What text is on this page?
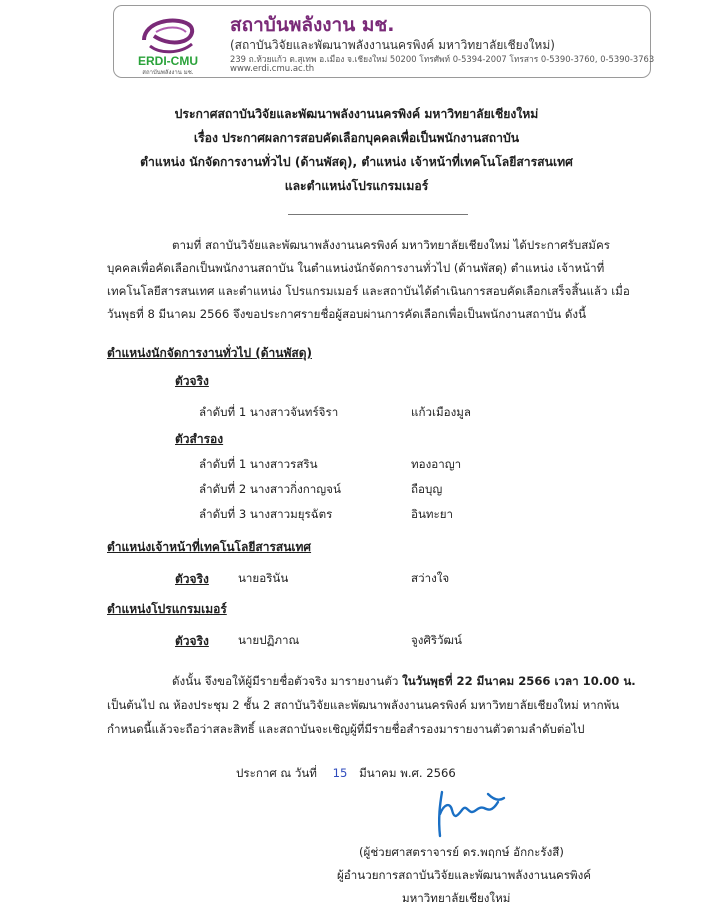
ERDI-CMU
สถาบันพลังงาน มช.
สถาบันพลังงาน มช.
(สถาบันวิจัยและพัฒนาพลังงานนครพิงค์ มหาวิทยาลัยเชียงใหม่)
239 ถ.ห้วยแก้ว ต.สุเทพ อ.เมือง จ.เชียงใหม่ 50200 โทรศัพท์ 0-5394-2007 โทรสาร 0-5390-3760, 0-5390-3763
www.erdi.cmu.ac.th
ประกาศสถาบันวิจัยและพัฒนาพลังงานนครพิงค์ มหาวิทยาลัยเชียงใหม่
เรื่อง ประกาศผลการสอบคัดเลือกบุคคลเพื่อเป็นพนักงานสถาบัน
ตำแหน่ง นักจัดการงานทั่วไป (ด้านพัสดุ), ตำแหน่ง เจ้าหน้าที่เทคโนโลยีสารสนเทศ
และตำแหน่งโปรแกรมเมอร์
ตามที่ สถาบันวิจัยและพัฒนาพลังงานนครพิงค์ มหาวิทยาลัยเชียงใหม่ ได้ประกาศรับสมัคร
บุคคลเพื่อคัดเลือกเป็นพนักงานสถาบัน ในตำแหน่งนักจัดการงานทั่วไป (ด้านพัสดุ) ตำแหน่ง เจ้าหน้าที่
เทคโนโลยีสารสนเทศ และตำแหน่ง โปรแกรมเมอร์ และสถาบันได้ดำเนินการสอบคัดเลือกเสร็จสิ้นแล้ว เมื่อ
วันพุธที่ 8 มีนาคม 2566 จึงขอประกาศรายชื่อผู้สอบผ่านการคัดเลือกเพื่อเป็นพนักงานสถาบัน ดังนี้
ตำแหน่งนักจัดการงานทั่วไป (ด้านพัสดุ)
ตัวจริง
ลำดับที่ 1 นางสาวจันทร์จิรา	แก้วเมืองมูล
ตัวสำรอง
ลำดับที่ 1 นางสาวรสริน	ทองอาญา
ลำดับที่ 2 นางสาวกิ่งกาญจน์	ถือบุญ
ลำดับที่ 3 นางสาวมยุรฉัตร	อินทะยา
ตำแหน่งเจ้าหน้าที่เทคโนโลยีสารสนเทศ
ตัวจริง	นายอรินัน	สว่างใจ
ตำแหน่งโปรแกรมเมอร์
ตัวจริง	นายปฏิภาณ	จูงศิริวัฒน์
ดังนั้น จึงขอให้ผู้มีรายชื่อตัวจริง มารายงานตัว ในวันพุธที่ 22 มีนาคม 2566 เวลา 10.00 น.
เป็นต้นไป ณ ห้องประชุม 2 ชั้น 2 สถาบันวิจัยและพัฒนาพลังงานนครพิงค์ มหาวิทยาลัยเชียงใหม่ หากพ้น
กำหนดนี้แล้วจะถือว่าสละสิทธิ์ และสถาบันจะเชิญผู้ที่มีรายชื่อสำรองมารายงานตัวตามลำดับต่อไป
ประกาศ ณ วันที่ 15 มีนาคม พ.ศ. 2566
(ผู้ช่วยศาสตราจารย์ ดร.พฤกษ์ อักกะรังสี)
ผู้อำนวยการสถาบันวิจัยและพัฒนาพลังงานนครพิงค์
มหาวิทยาลัยเชียงใหม่
